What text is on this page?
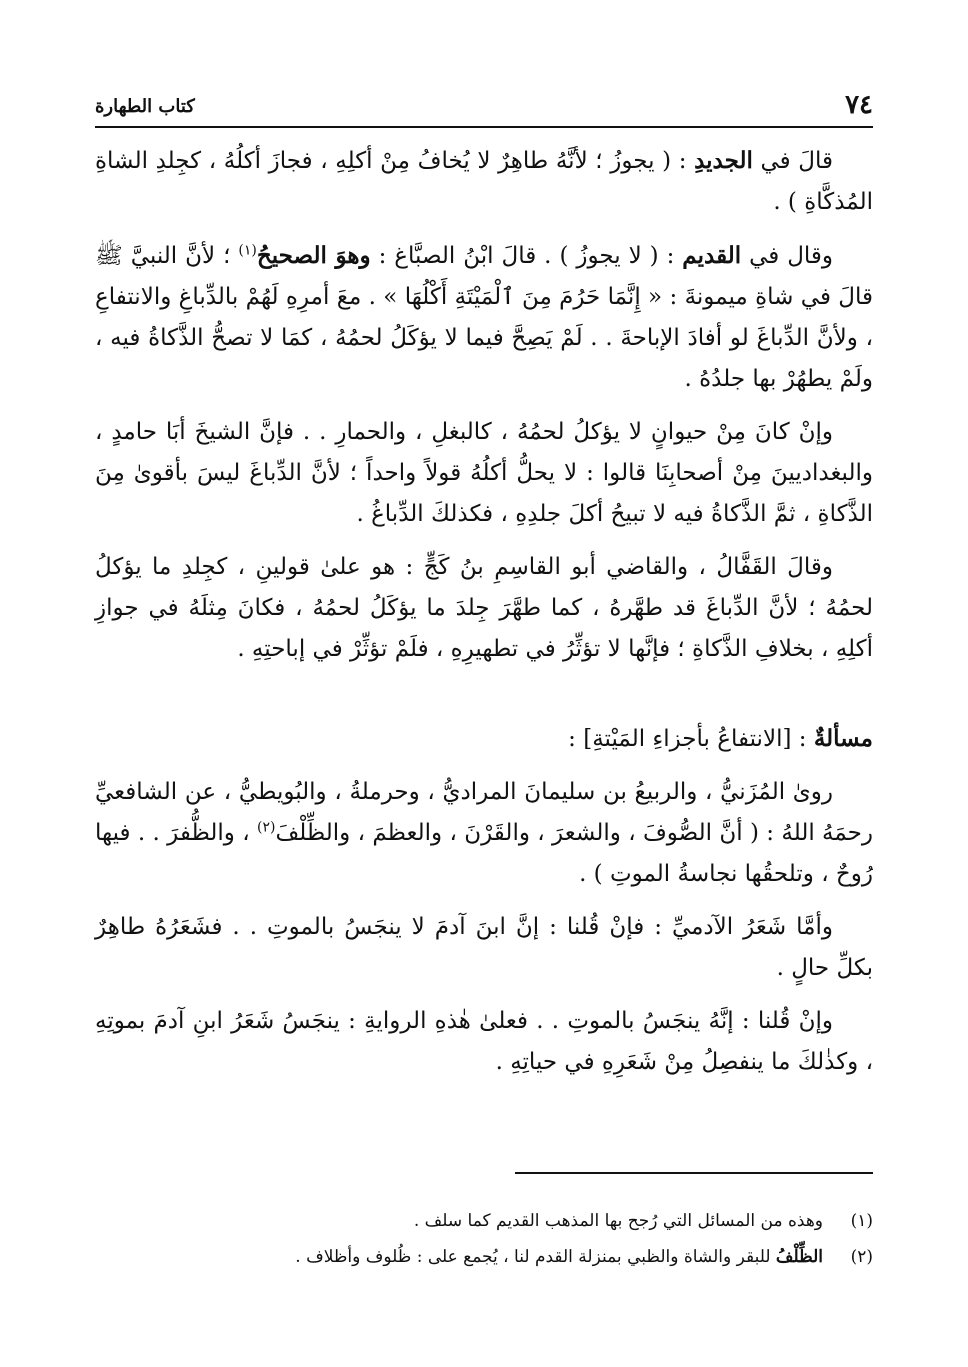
٧٤
كتاب الطهارة

قالَ في الجديدِ : ( يجوزُ ؛ لأنَّهُ طاهِرٌ لا يُخافُ مِنْ أكلِهِ ، فجازَ أكلُهُ ، كجِلدِ الشاةِ المُذكَّاةِ ) .

وقال في القديم : ( لا يجوزُ ) . قالَ ابْنُ الصبَّاغ : وهوَ الصحيحُ$^{(١)}$ ؛ لأنَّ النبيَّ ﷺ قالَ في شاةِ ميمونةَ : « إِنَّمَا حَرُمَ مِنَ ٱلْمَيْتَةِ أَكْلُهَا » . معَ أمرِهِ لَهُمْ بالدِّباغِ والانتفاعِ ، ولأنَّ الدِّباغَ لو أفادَ الإباحةَ . . لَمْ يَصِحَّ فيما لا يؤكَلُ لحمُهُ ، كمَا لا تصحُّ الذَّكاةُ فيه ، ولَمْ يطهُرْ بها جلدُهُ .

وإنْ كانَ مِنْ حيوانٍ لا يؤكلُ لحمُهُ ، كالبغلِ ، والحمارِ . . فإنَّ الشيخَ أبَا حامدٍ ، والبغداديينَ مِنْ أصحابِنَا قالوا : لا يحلُّ أكلُهُ قولاً واحداً ؛ لأنَّ الدِّباغَ ليسَ بأقوىٰ مِنَ الذَّكاةِ ، ثمَّ الذَّكاةُ فيه لا تبيحُ أكلَ جلدِهِ ، فكذلكَ الدِّباغُ .

وقالَ القَفَّالُ ، والقاضي أبو القاسِمِ بنُ كَجٍّ : هو علىٰ قولينِ ، كجِلدِ ما يؤكلُ لحمُهُ ؛ لأنَّ الدِّباغَ قد طهَّرهُ ، كما طهَّرَ جِلدَ ما يؤكَلُ لحمُهُ ، فكانَ مِثلَهُ في جوازِ أكلِهِ ، بخلافِ الذَّكاةِ ؛ فإنَّها لا تؤثِّرُ في تطهيرِهِ ، فلَمْ تؤثِّرْ في إباحتِهِ .

مسألةٌ : [الانتفاعُ بأجزاءِ المَيْتةِ] :

روىٰ المُزَنيُّ ، والربيعُ بن سليمانَ المراديُّ ، وحرملةُ ، والبُويطيُّ ، عن الشافعيِّ رحمَهُ اللهُ : ( أنَّ الصُّوفَ ، والشعرَ ، والقَرْنَ ، والعظمَ ، والظِّلْفَ$^{(٢)}$ ، والظُّفرَ . . فيها رُوحٌ ، وتلحقُها نجاسةُ الموتِ ) .

وأمَّا شَعَرُ الآدميِّ : فإنْ قُلنا : إنَّ ابنَ آدمَ لا ينجَسُ بالموتِ . . فشَعَرُهُ طاهِرٌ بكلِّ حالٍ .

وإنْ قُلنا : إنَّهُ ينجَسُ بالموتِ . . فعلىٰ هٰذهِ الروايةِ : ينجَسُ شَعَرُ ابنِ آدمَ بموتِهِ ، وكذٰلكَ ما ينفصِلُ مِنْ شَعَرِهِ في حياتِهِ .

(١)وهذه من المسائل التي رُجح بها المذهب القديم كما سلف .

(٢)الظِّلْفُ للبقر والشاة والظبي بمنزلة القدم لنا ، يُجمع على : ظُلوف وأظلاف .
